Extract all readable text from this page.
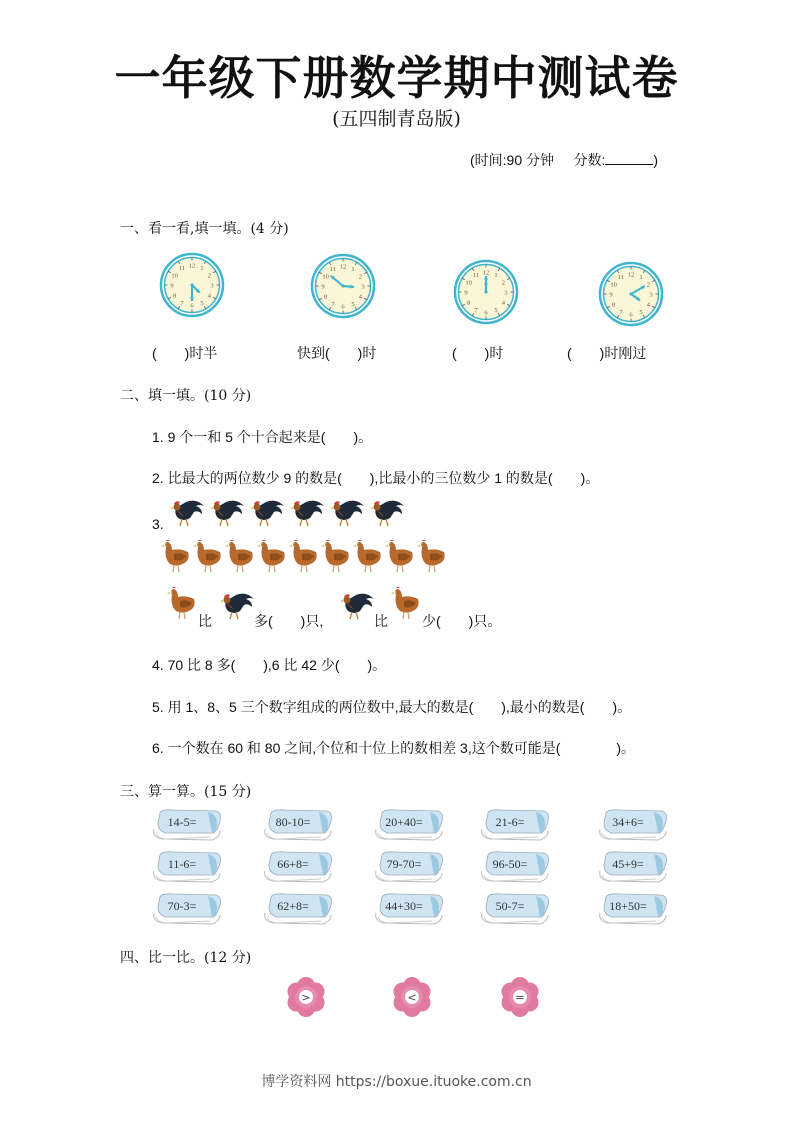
一年级下册数学期中测试卷
(五四制青岛版)
(时间:90 分钟 分数:	)
一、看一看,填一填。(4 分)
12 1
2
3
4
5
6
7
8
9
10
11	12 1
2
3
4
5
6
7
8
9
10
11	12 1
2
3
4
5
6
7
8
9
10
11	12 1
2
3
4
5
6
7
8
9
10
11
(　　)时半	快到(　　)时	(　　)时	(　　)时刚过
二、填一填。(10 分)
1. 9 个一和 5 个十合起来是(　　)。
2. 比最大的两位数少 9 的数是(　　),比最小的三位数少 1 的数是(　　)。
3.
比	多(　　)只,	比 少(　　)只。
4. 70 比 8 多(　　),6 比 42 少(　　)。
5. 用 1、8、5 三个数字组成的两位数中,最大的数是(　　),最小的数是(　　)。
6. 一个数在 60 和 80 之间,个位和十位上的数相差 3,这个数可能是(　　　　)。
三、算一算。(15 分)
14-5=	80-10=	20+40=	21-6=	34+6=
11-6=	66+8=	79-70=	96-50=	45+9=
70-3=	62+8=	44+30=	50-7=	18+50=
四、比一比。(12 分)
>	<	=
博学资料网 https://boxue.ituoke.com.cn
